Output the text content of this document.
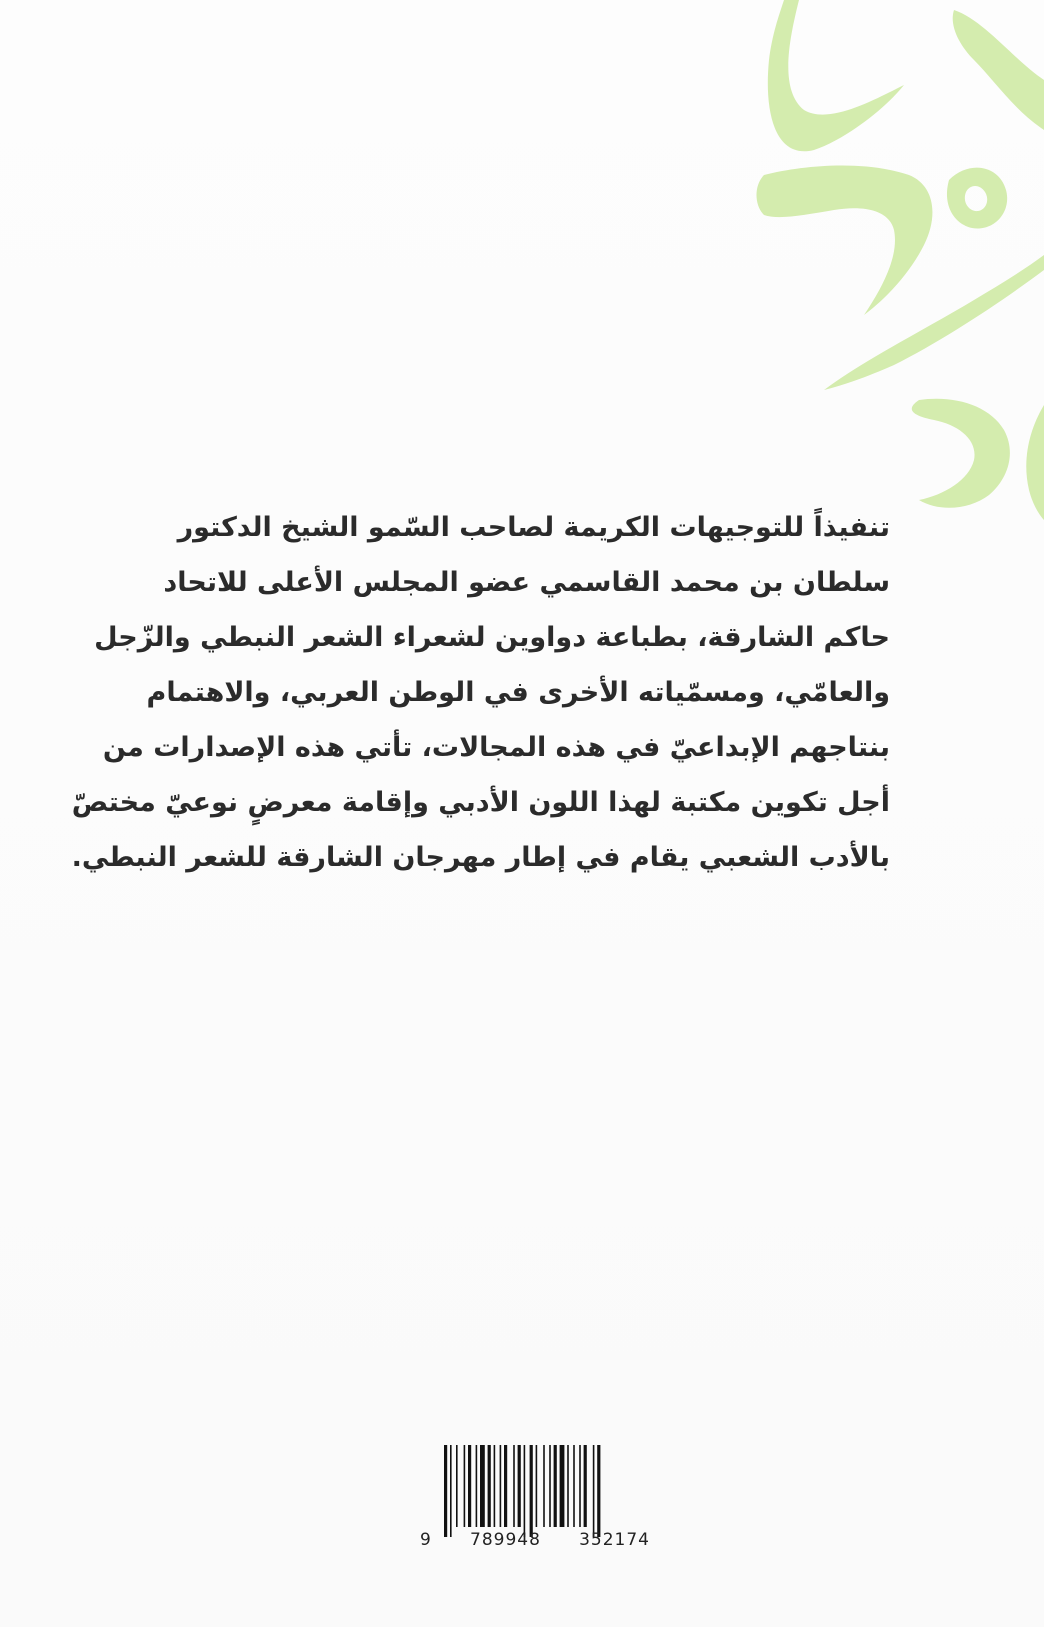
تنفيذاً للتوجيهات الكريمة لصاحب السّمو الشيخ الدكتور
سلطان بن محمد القاسمي عضو المجلس الأعلى للاتحاد
حاكم الشارقة، بطباعة دواوين لشعراء الشعر النبطي والزّجل
والعامّي، ومسمّياته الأخرى في الوطن العربي، والاهتمام
بنتاجهم الإبداعيّ في هذه المجالات، تأتي هذه الإصدارات من
أجل تكوين مكتبة لهذا اللون الأدبي وإقامة معرضٍ نوعيّ مختصّ
بالأدب الشعبي يقام في إطار مهرجان الشارقة للشعر النبطي.

9 789948 352174
